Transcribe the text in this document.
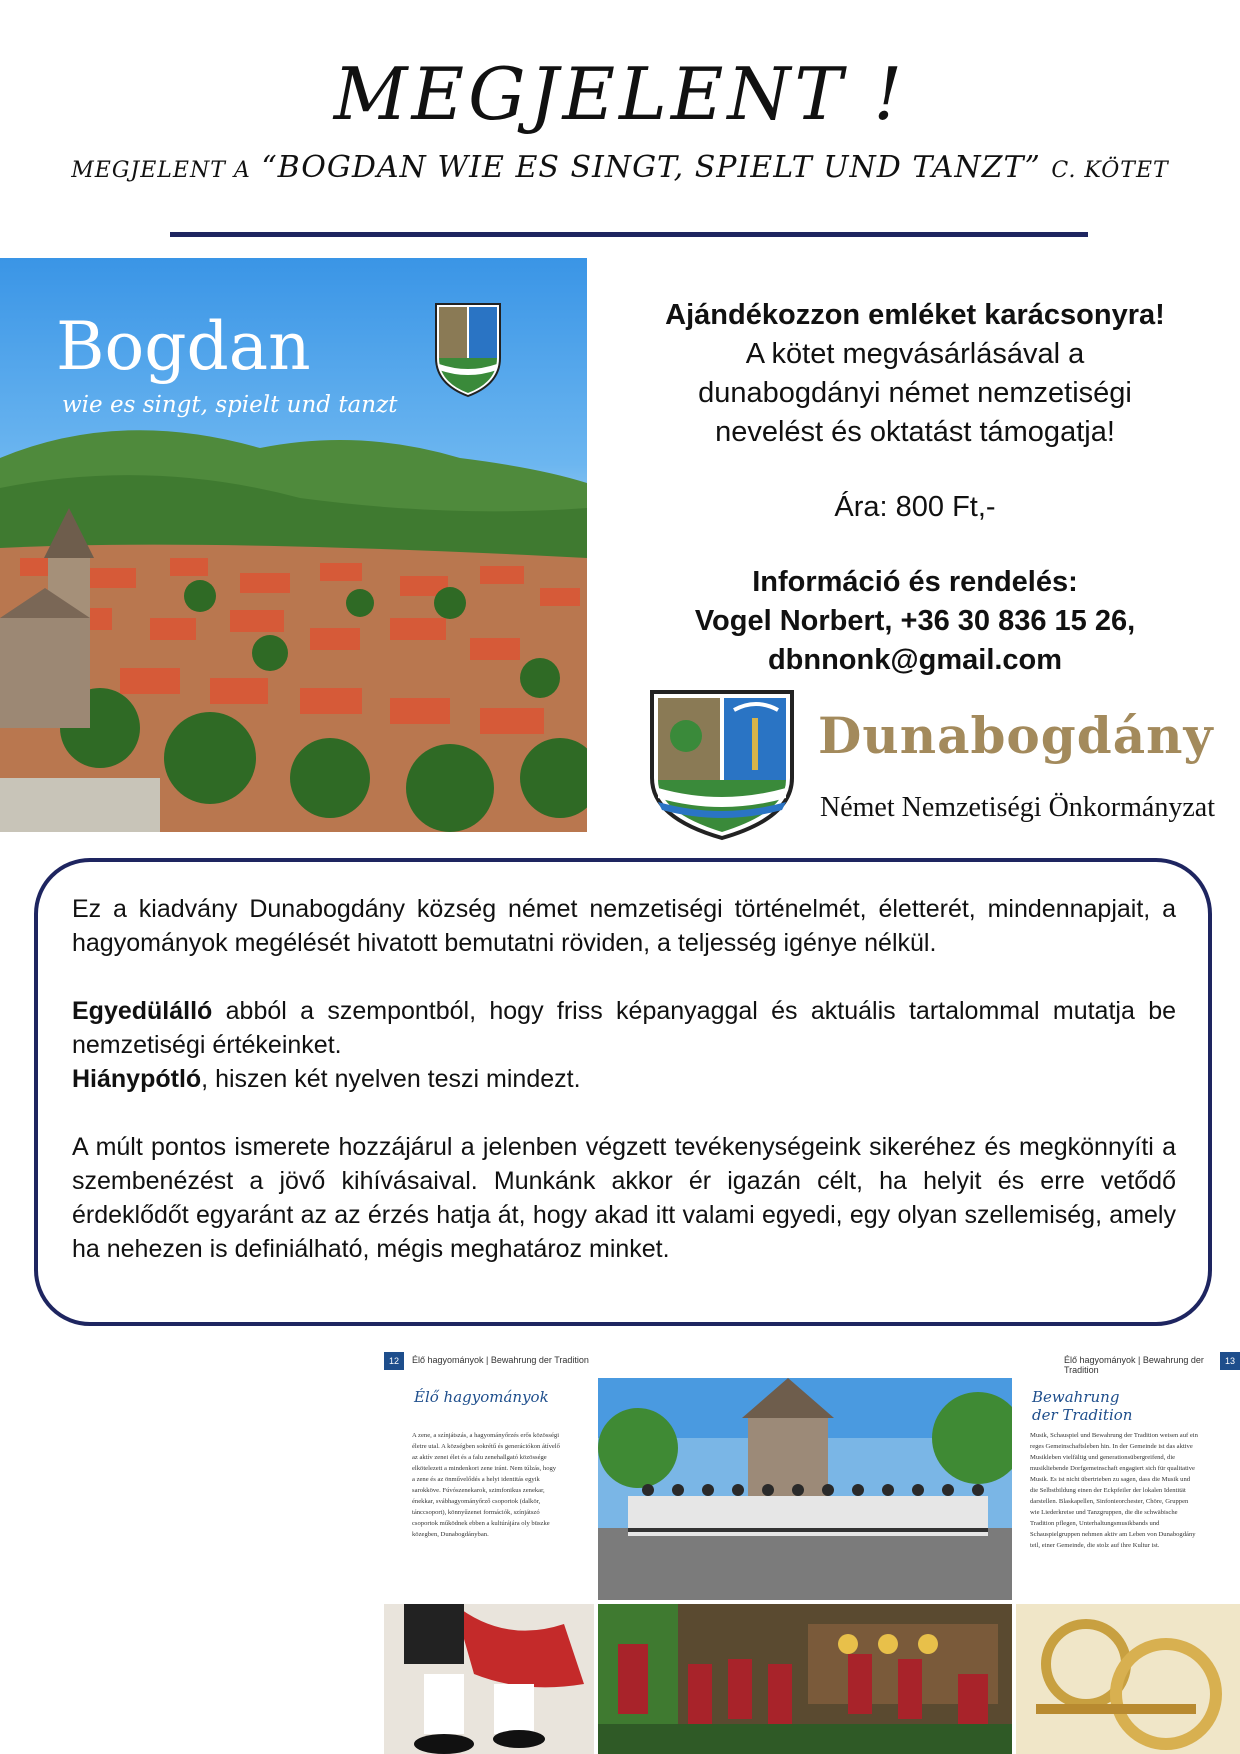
MEGJELENT !
MEGJELENT A “BOGDAN WIE ES SINGT, SPIELT UND TANZT” C. KÖTET
Bogdan
wie es singt, spielt und tanzt
Ajándékozzon emléket karácsonyra!
A kötet megvásárlásával a
dunabogdányi német nemzetiségi
nevelést és oktatást támogatja!
Ára: 800 Ft,-
Információ és rendelés:
Vogel Norbert, +36 30 836 15 26,
dbnnonk@gmail.com
Dunabogdány
Német Nemzetiségi Önkormányzat

Ez a kiadvány Dunabogdány község német nemzetiségi történelmét, életterét, mindennapjait, a hagyományok megélését hivatott bemutatni röviden, a teljesség igénye nélkül.

Egyedülálló abból a szempontból, hogy friss képanyaggal és aktuális tartalommal mutatja be nemzetiségi értékeinket.

Hiánypótló, hiszen két nyelven teszi mindezt.

A múlt pontos ismerete hozzájárul a jelenben végzett tevékenységeink sikeréhez és megkönnyíti a szembenézést a jövő kihívásaival. Munkánk akkor ér igazán célt, ha helyit és erre vetődő érdeklődőt egyaránt az az érzés hatja át, hogy akad itt valami egyedi, egy olyan szellemiség, amely ha nehezen is definiálható, mégis meghatároz minket.

12	Élő hagyományok | Bewahrung der Tradition
Élő hagyományok
A zene, a színjátszás, a hagyományőrzés erős közösségi életre utal. A községben sokrétű és generációkon átívelő az aktív zenei élet és a falu zenehallgató közössége elkötelezett a mindenkori zene iránt. Nem túlzás, hogy a zene és az önművelődés a helyi identitás egyik sarokköve. Fúvószenekarok, szimfonikus zenekar, énekkar, svábhagyományőrző csoportok (dalkör, tánccsoport), könnyűzenei formációk, színjátszó csoportok működnek ebben a kultúrájára oly büszke közegben, Dunabogdányban.
13
Élő hagyományok | Bewahrung der Tradition
Bewahrung
der Tradition
Musik, Schauspiel und Bewahrung der Tradition weisen auf ein reges Gemeinschaftsleben hin. In der Gemeinde ist das aktive Musikleben vielfältig und generationsübergreifend, die musikliebende Dorfgemeinschaft engagiert sich für qualitative Musik. Es ist nicht übertrieben zu sagen, dass die Musik und die Selbstbildung einen der Eckpfeiler der lokalen Identität darstellen. Blaskapellen, Sinfonieorchester, Chöre, Gruppen wie Liederkreise und Tanzgruppen, die die schwäbische Tradition pflegen, Unterhaltungsmusikbands und Schauspielgruppen nehmen aktiv am Leben von Dunabogdány teil, einer Gemeinde, die stolz auf ihre Kultur ist.
